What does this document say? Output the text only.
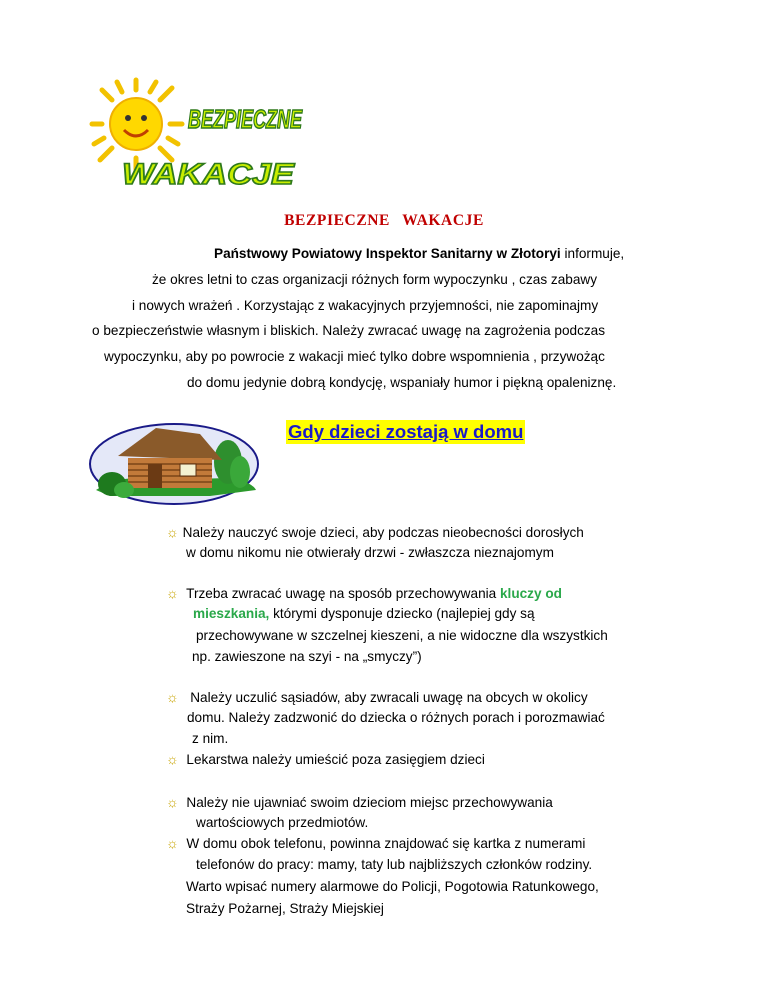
BEZPIECZNE
WAKACJE
BEZPIECZNE WAKACJE
Państwowy Powiatowy Inspektor Sanitarny w Złotoryi informuje,
że okres letni to czas organizacji różnych form wypoczynku , czas zabawy
i nowych wrażeń . Korzystając z wakacyjnych przyjemności, nie zapominajmy
o bezpieczeństwie własnym i bliskich. Należy zwracać uwagę na zagrożenia podczas
wypoczynku, aby po powrocie z wakacji mieć tylko dobre wspomnienia , przywożąc
do domu jedynie dobrą kondycję, wspaniały humor i piękną opaleniznę.
Gdy dzieci zostają w domu
☼ Należy nauczyć swoje dzieci, aby podczas nieobecności dorosłych
w domu nikomu nie otwierały drzwi - zwłaszcza nieznajomym
☼ Trzeba zwracać uwagę na sposób przechowywania kluczy od
mieszkania, którymi dysponuje dziecko (najlepiej gdy są
przechowywane w szczelnej kieszeni, a nie widoczne dla wszystkich
np. zawieszone na szyi - na „smyczy”)
☼ Należy uczulić sąsiadów, aby zwracali uwagę na obcych w okolicy
domu. Należy zadzwonić do dziecka o różnych porach i porozmawiać
z nim.
☼ Lekarstwa należy umieścić poza zasięgiem dzieci
☼ Należy nie ujawniać swoim dzieciom miejsc przechowywania
wartościowych przedmiotów.
☼ W domu obok telefonu, powinna znajdować się kartka z numerami
telefonów do pracy: mamy, taty lub najbliższych członków rodziny.
Warto wpisać numery alarmowe do Policji, Pogotowia Ratunkowego,
Straży Pożarnej, Straży Miejskiej
